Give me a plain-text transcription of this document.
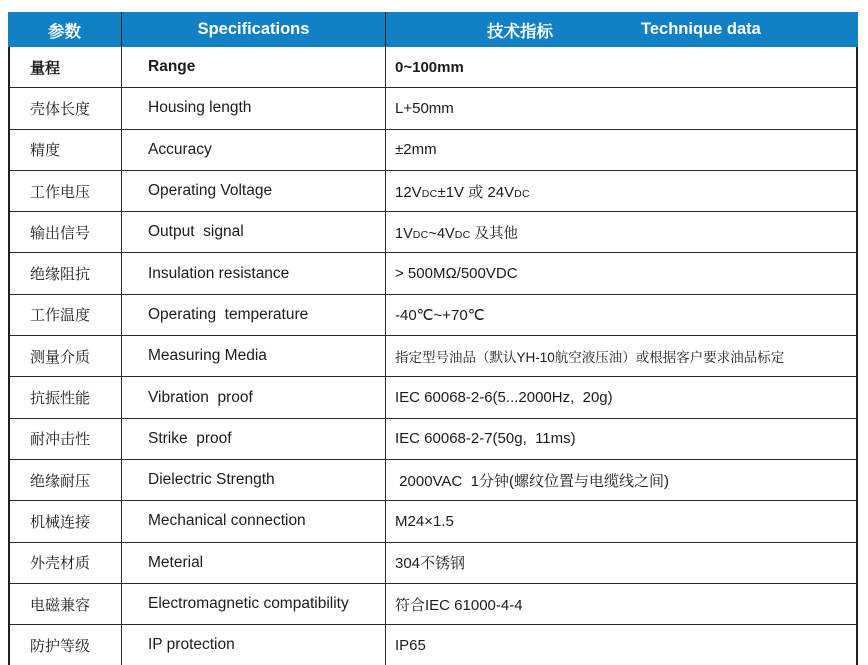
参数	Specifications	技术指标	Technique data
量程	Range	0~100mm
壳体长度	Housing length	L+50mm
精度	Accuracy	±2mm
工作电压	Operating Voltage	12VDC±1V 或 24VDC
输出信号	Output  signal	1VDC~4VDC 及其他
绝缘阻抗	Insulation resistance	> 500MΩ/500VDC
工作温度	Operating  temperature	-40℃~+70℃
测量介质	Measuring Media	指定型号油品（默认YH-10航空液压油）或根据客户要求油品标定
抗振性能	Vibration  proof	IEC 60068-2-6(5...2000Hz,  20g)
耐冲击性	Strike  proof	IEC 60068-2-7(50g,  11ms)
绝缘耐压	Dielectric Strength	2000VAC  1分钟(螺纹位置与电缆线之间)
机械连接	Mechanical connection	M24×1.5
外壳材质	Meterial	304不锈钢
电磁兼容	Electromagnetic compatibility	符合IEC 61000-4-4
防护等级	IP protection	IP65
